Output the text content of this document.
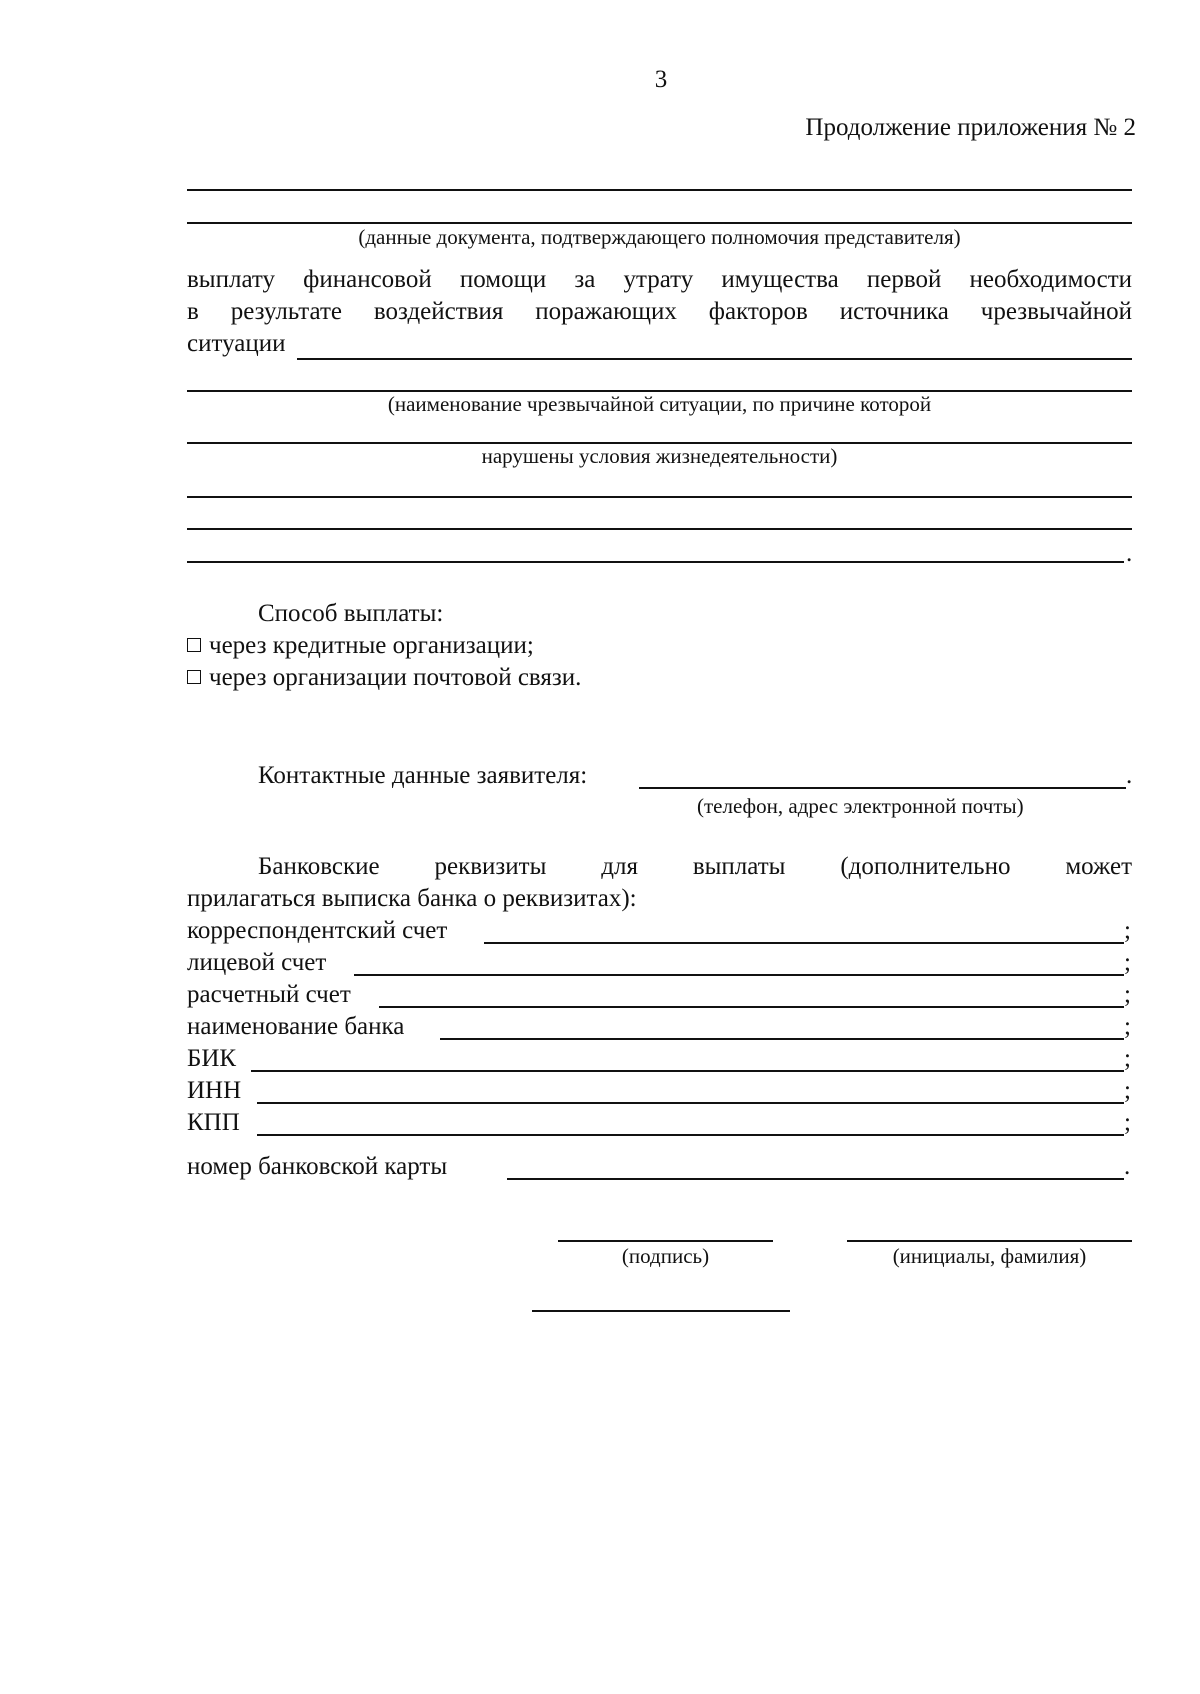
3
Продолжение приложения № 2
(данные документа, подтверждающего полномочия представителя)
выплату финансовой помощи за утрату имущества первой необходимости
в результате воздействия поражающих факторов источника чрезвычайной
ситуации
(наименование чрезвычайной ситуации, по причине которой
нарушены условия жизнедеятельности)
.
Способ выплаты:
через кредитные организации;
через организации почтовой связи.
Контактные данные заявителя:	.
(телефон, адрес электронной почты)
Банковские реквизиты для выплаты (дополнительно может
прилагаться выписка банка о реквизитах):
корреспондентский счет	;
лицевой счет	;
расчетный счет	;
наименование банка	;
БИК	;
ИНН	;
КПП	;
номер банковской карты	.
(подпись)	(инициалы, фамилия)
